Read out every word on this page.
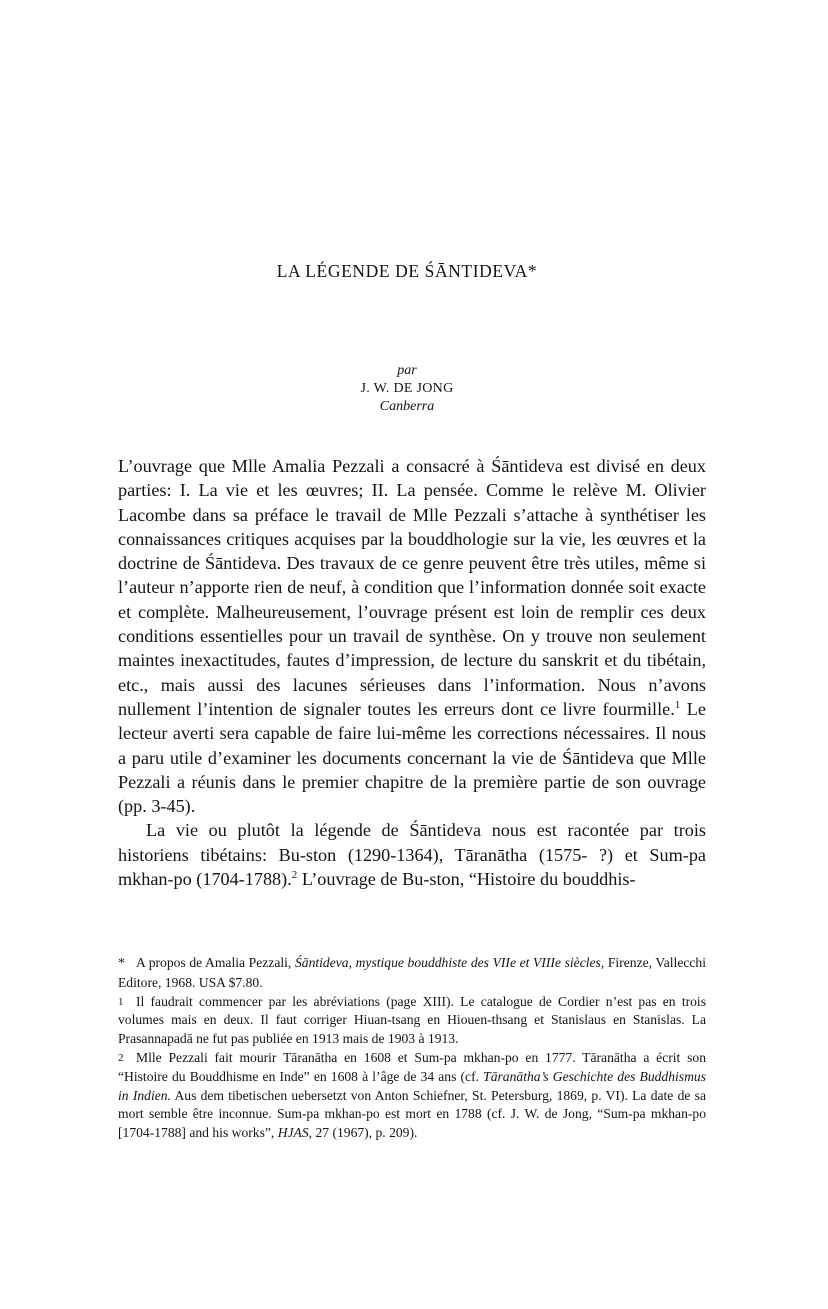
LA LÉGENDE DE ŚĀNTIDEVA*
par
J. W. DE JONG
Canberra

L’ouvrage que Mlle Amalia Pezzali a consacré à Śāntideva est divisé en deux parties: I. La vie et les œuvres; II. La pensée. Comme le relève M. Olivier Lacombe dans sa préface le travail de Mlle Pezzali s’attache à synthétiser les connaissances critiques acquises par la bouddhologie sur la vie, les œuvres et la doctrine de Śāntideva. Des travaux de ce genre peuvent être très utiles, même si l’auteur n’apporte rien de neuf, à condition que l’information donnée soit exacte et complète. Malheureusement, l’ouvrage présent est loin de remplir ces deux conditions essentielles pour un travail de synthèse. On y trouve non seulement maintes inexactitudes, fautes d’impression, de lecture du sanskrit et du tibétain, etc., mais aussi des lacunes sérieuses dans l’information. Nous n’avons nullement l’intention de signaler toutes les erreurs dont ce livre fourmille.$^1$ Le lecteur averti sera capable de faire lui-même les corrections nécessaires. Il nous a paru utile d’examiner les documents concernant la vie de Śāntideva que Mlle Pezzali a réunis dans le premier chapitre de la première partie de son ouvrage (pp. 3-45).

La vie ou plutôt la légende de Śāntideva nous est racontée par trois historiens tibétains: Bu-ston (1290-1364), Tāranātha (1575- ?) et Sum-pa mkhan-po (1704-1788).$^2$ L’ouvrage de Bu-ston, “Histoire du bouddhis-

* A propos de Amalia Pezzali, Śāntideva, mystique bouddhiste des VIIe et VIIIe siècles, Firenze, Vallecchi Editore, 1968. USA $7.80.

1 Il faudrait commencer par les abréviations (page XIII). Le catalogue de Cordier n’est pas en trois volumes mais en deux. Il faut corriger Hiuan-tsang en Hiouen-thsang et Stanislaus en Stanislas. La Prasannapadā ne fut pas publiée en 1913 mais de 1903 à 1913.

2 Mlle Pezzali fait mourir Tāranātha en 1608 et Sum-pa mkhan-po en 1777. Tāranātha a écrit son “Histoire du Bouddhisme en Inde” en 1608 à l’âge de 34 ans (cf. Tāranātha’s Geschichte des Buddhismus in Indien. Aus dem tibetischen uebersetzt von Anton Schiefner, St. Petersburg, 1869, p. VI). La date de sa mort semble être inconnue. Sum-pa mkhan-po est mort en 1788 (cf. J. W. de Jong, “Sum-pa mkhan-po [1704-1788] and his works”, HJAS, 27 (1967), p. 209).
